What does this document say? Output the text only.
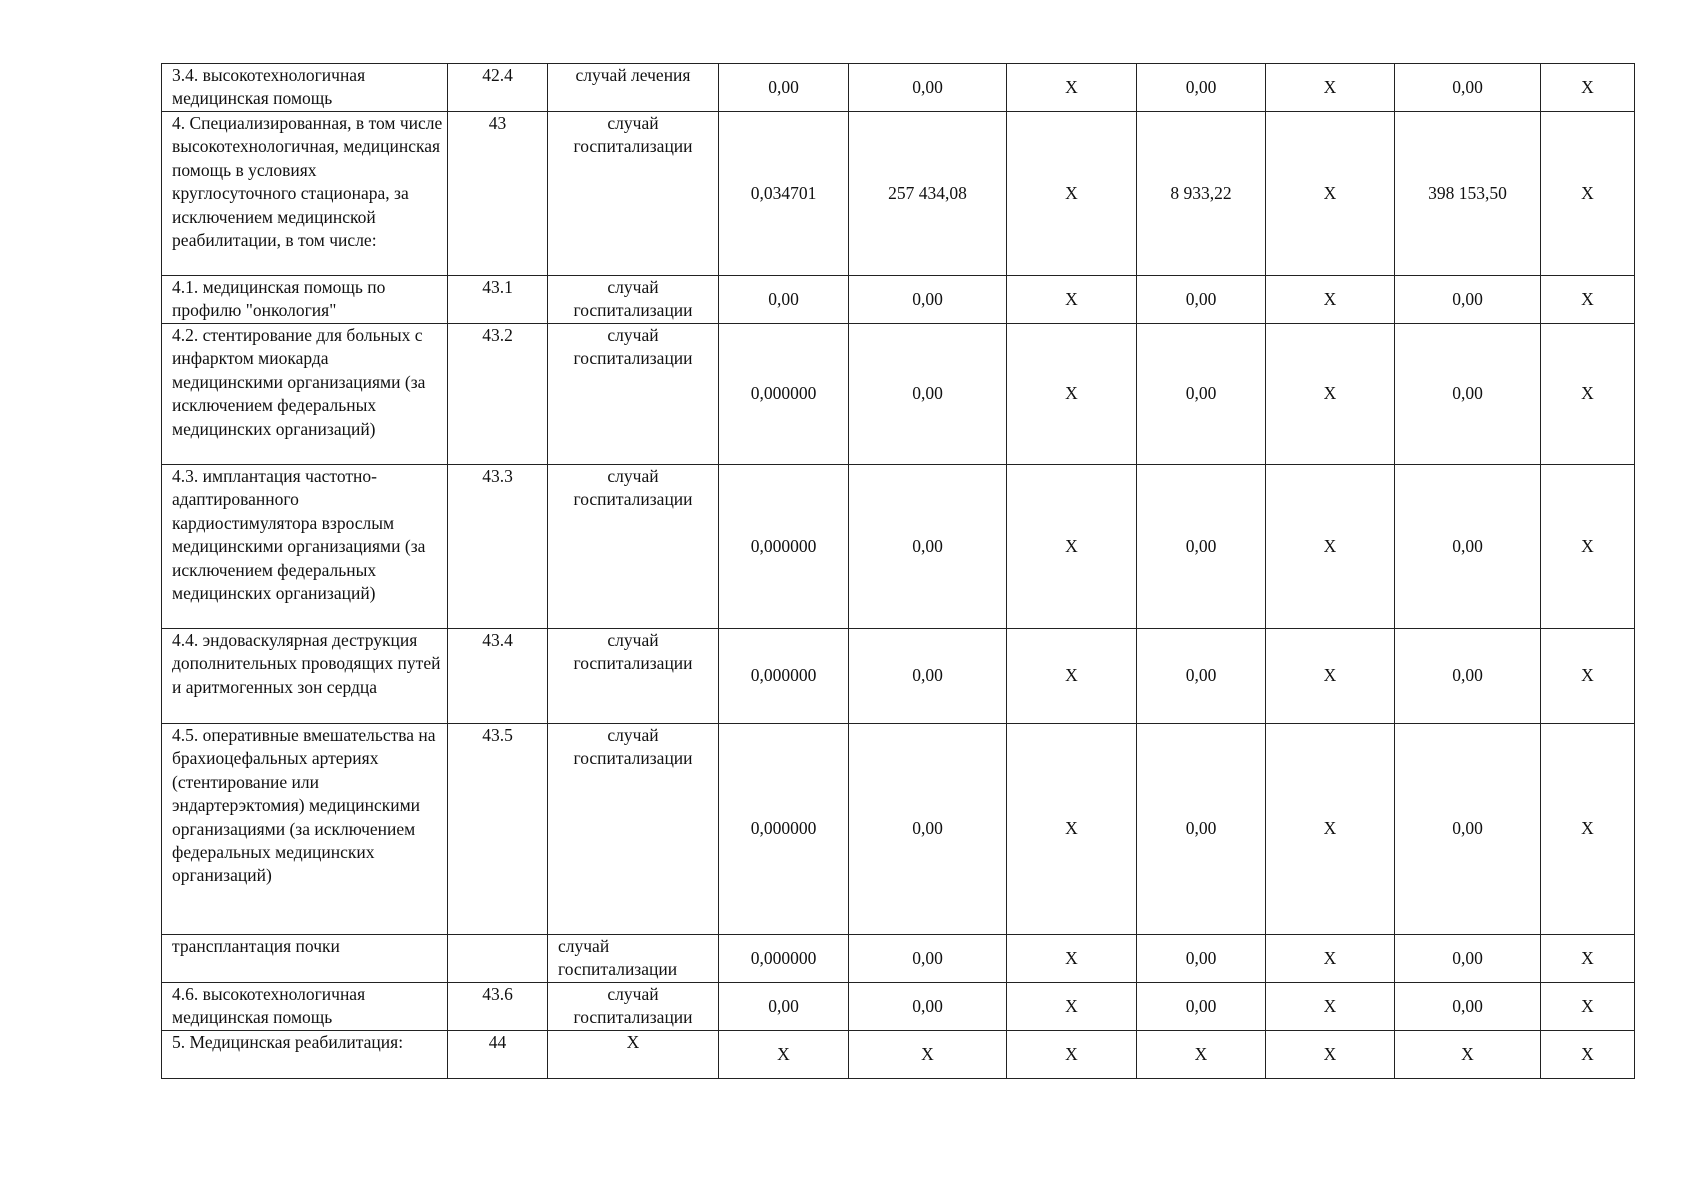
3.4. высокотехнологичная медицинская помощь	42.4	случай лечения	0,00	0,00	X	0,00	X	0,00	X
4. Специализированная, в том числе высокотехнологичная, медицинская помощь в условиях круглосуточного стационара, за исключением медицинской реабилитации, в том числе:	43	случай госпитализации	0,034701	257 434,08	X	8 933,22	X	398 153,50	X
4.1. медицинская помощь по профилю "онкология"	43.1	случай госпитализации	0,00	0,00	X	0,00	X	0,00	X
4.2. стентирование для больных с инфарктом миокарда медицинскими организациями (за исключением федеральных медицинских организаций)	43.2	случай госпитализации	0,000000	0,00	X	0,00	X	0,00	X
4.3. имплантация частотно-адаптированного кардиостимулятора взрослым медицинскими организациями (за исключением федеральных медицинских организаций)	43.3	случай госпитализации	0,000000	0,00	X	0,00	X	0,00	X
4.4. эндоваскулярная деструкция дополнительных проводящих путей и аритмогенных зон сердца	43.4	случай госпитализации	0,000000	0,00	X	0,00	X	0,00	X
4.5. оперативные вмешательства на брахиоцефальных артериях (стентирование или эндартерэктомия) медицинскими организациями (за исключением федеральных медицинских организаций)	43.5	случай госпитализации	0,000000	0,00	X	0,00	X	0,00	X
трансплантация почки		случай госпитализации	0,000000	0,00	X	0,00	X	0,00	X
4.6. высокотехнологичная медицинская помощь	43.6	случай госпитализации	0,00	0,00	X	0,00	X	0,00	X
5. Медицинская реабилитация:	44	X	X	X	X	X	X	X	X
